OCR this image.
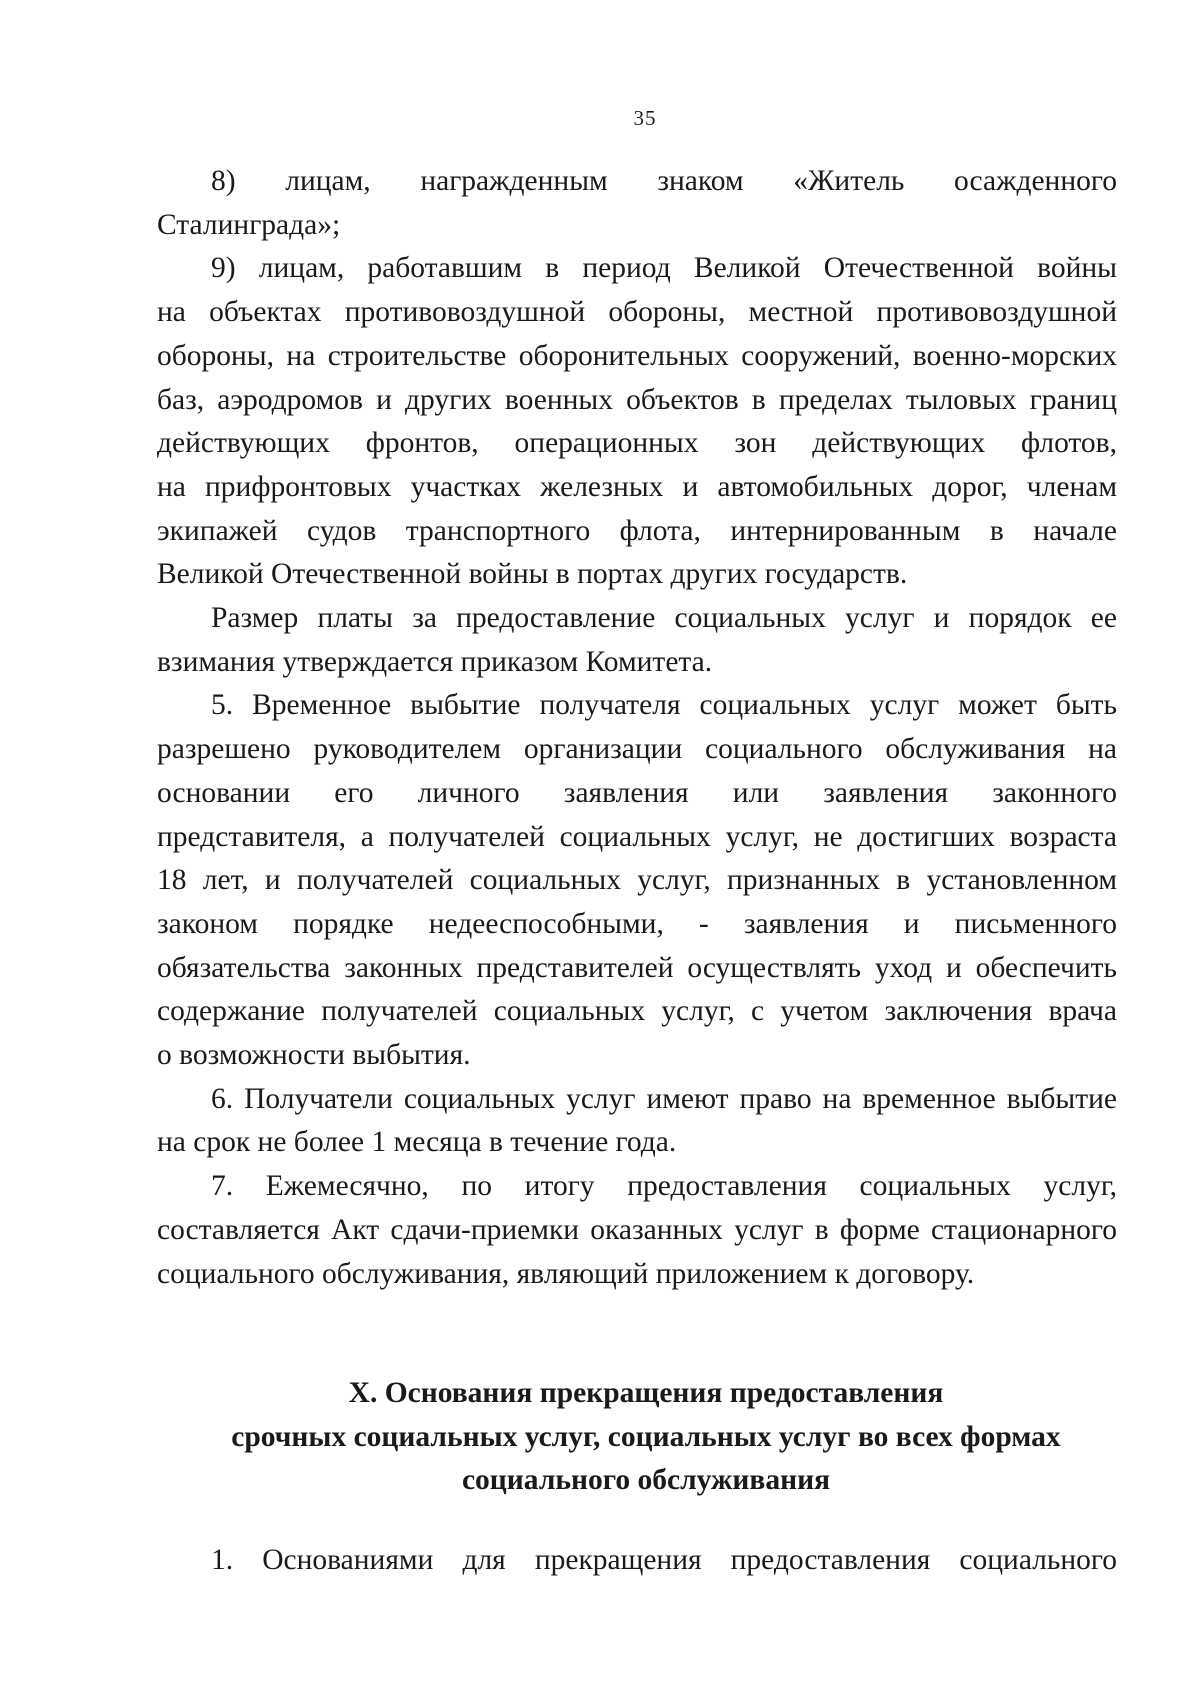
35
8) лицам, награжденным знаком «Житель осажденного
Сталинграда»;
9) лицам, работавшим в период Великой Отечественной войны
на объектах противовоздушной обороны, местной противовоздушной
обороны, на строительстве оборонительных сооружений, военно-морских
баз, аэродромов и других военных объектов в пределах тыловых границ
действующих фронтов, операционных зон действующих флотов,
на прифронтовых участках железных и автомобильных дорог, членам
экипажей судов транспортного флота, интернированным в начале
Великой Отечественной войны в портах других государств.
Размер платы за предоставление социальных услуг и порядок ее
взимания утверждается приказом Комитета.
5. Временное выбытие получателя социальных услуг может быть
разрешено руководителем организации социального обслуживания на
основании его личного заявления или заявления законного
представителя, а получателей социальных услуг, не достигших возраста
18 лет, и получателей социальных услуг, признанных в установленном
законом порядке недееспособными, - заявления и письменного
обязательства законных представителей осуществлять уход и обеспечить
содержание получателей социальных услуг, с учетом заключения врача
о возможности выбытия.
6. Получатели социальных услуг имеют право на временное выбытие
на срок не более 1 месяца в течение года.
7. Ежемесячно, по итогу предоставления социальных услуг,
составляется Акт сдачи-приемки оказанных услуг в форме стационарного
социального обслуживания, являющий приложением к договору.
X. Основания прекращения предоставления
срочных социальных услуг, социальных услуг во всех формах
социального обслуживания
1. Основаниями для прекращения предоставления социального
